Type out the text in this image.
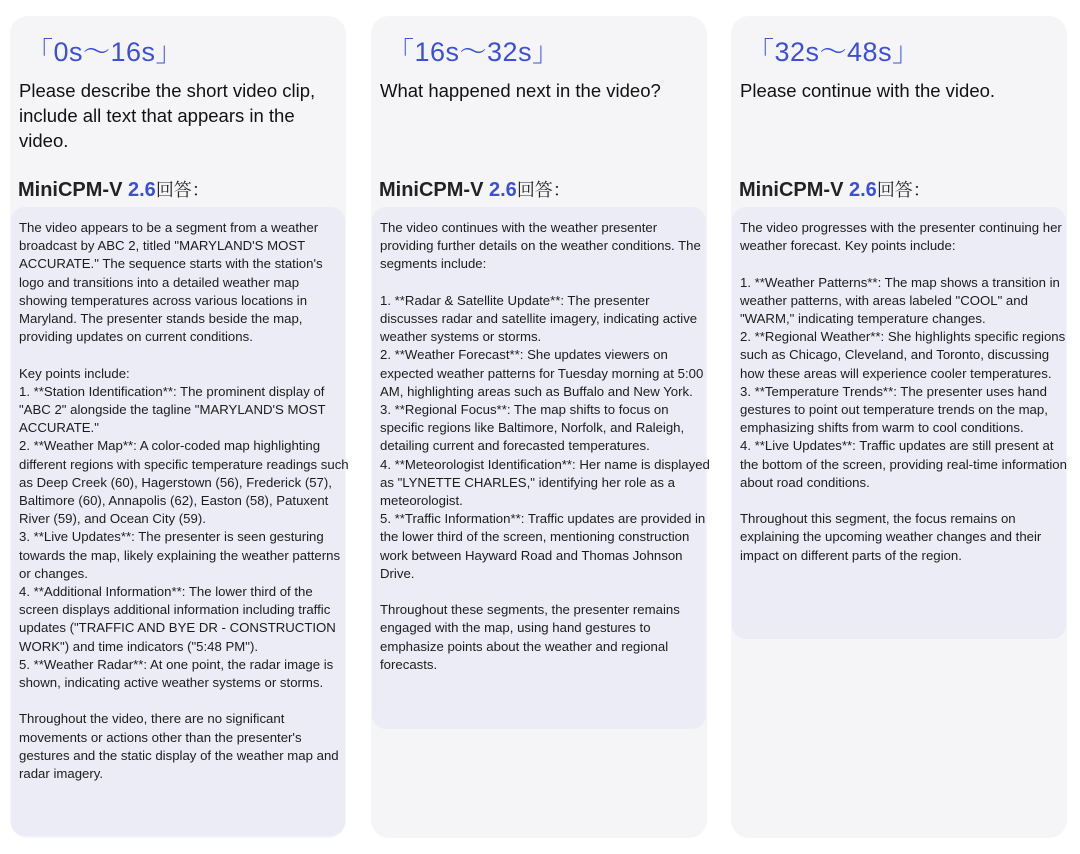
「0s～16s」
Please describe the short video clip, include all text that appears in the video.
MiniCPM-V 2.6回答：
The video appears to be a segment from a weather broadcast by ABC 2, titled "MARYLAND'S MOST ACCURATE." The sequence starts with the station's logo and transitions into a detailed weather map showing temperatures across various locations in Maryland. The presenter stands beside the map, providing updates on current conditions.

Key points include:
1. **Station Identification**: The prominent display of "ABC 2" alongside the tagline "MARYLAND'S MOST ACCURATE."
2. **Weather Map**: A color-coded map highlighting different regions with specific temperature readings such as Deep Creek (60), Hagerstown (56), Frederick (57), Baltimore (60), Annapolis (62), Easton (58), Patuxent River (59), and Ocean City (59).
3. **Live Updates**: The presenter is seen gesturing towards the map, likely explaining the weather patterns or changes.
4. **Additional Information**: The lower third of the screen displays additional information including traffic updates ("TRAFFIC AND BYE DR - CONSTRUCTION WORK") and time indicators ("5:48 PM").
5. **Weather Radar**: At one point, the radar image is shown, indicating active weather systems or storms.

Throughout the video, there are no significant movements or actions other than the presenter's gestures and the static display of the weather map and radar imagery.
「16s～32s」
What happened next in the video?
MiniCPM-V 2.6回答：
The video continues with the weather presenter providing further details on the weather conditions. The segments include:

1. **Radar & Satellite Update**: The presenter discusses radar and satellite imagery, indicating active weather systems or storms.
2. **Weather Forecast**: She updates viewers on expected weather patterns for Tuesday morning at 5:00 AM, highlighting areas such as Buffalo and New York.
3. **Regional Focus**: The map shifts to focus on specific regions like Baltimore, Norfolk, and Raleigh, detailing current and forecasted temperatures.
4. **Meteorologist Identification**: Her name is displayed as "LYNETTE CHARLES," identifying her role as a meteorologist.
5. **Traffic Information**: Traffic updates are provided in the lower third of the screen, mentioning construction work between Hayward Road and Thomas Johnson Drive.

Throughout these segments, the presenter remains engaged with the map, using hand gestures to emphasize points about the weather and regional forecasts.
「32s～48s」
Please continue with the video.
MiniCPM-V 2.6回答：
The video progresses with the presenter continuing her weather forecast. Key points include:

1. **Weather Patterns**: The map shows a transition in weather patterns, with areas labeled "COOL" and "WARM," indicating temperature changes.
2. **Regional Weather**: She highlights specific regions such as Chicago, Cleveland, and Toronto, discussing how these areas will experience cooler temperatures.
3. **Temperature Trends**: The presenter uses hand gestures to point out temperature trends on the map, emphasizing shifts from warm to cool conditions.
4. **Live Updates**: Traffic updates are still present at the bottom of the screen, providing real-time information about road conditions.

Throughout this segment, the focus remains on explaining the upcoming weather changes and their impact on different parts of the region.
